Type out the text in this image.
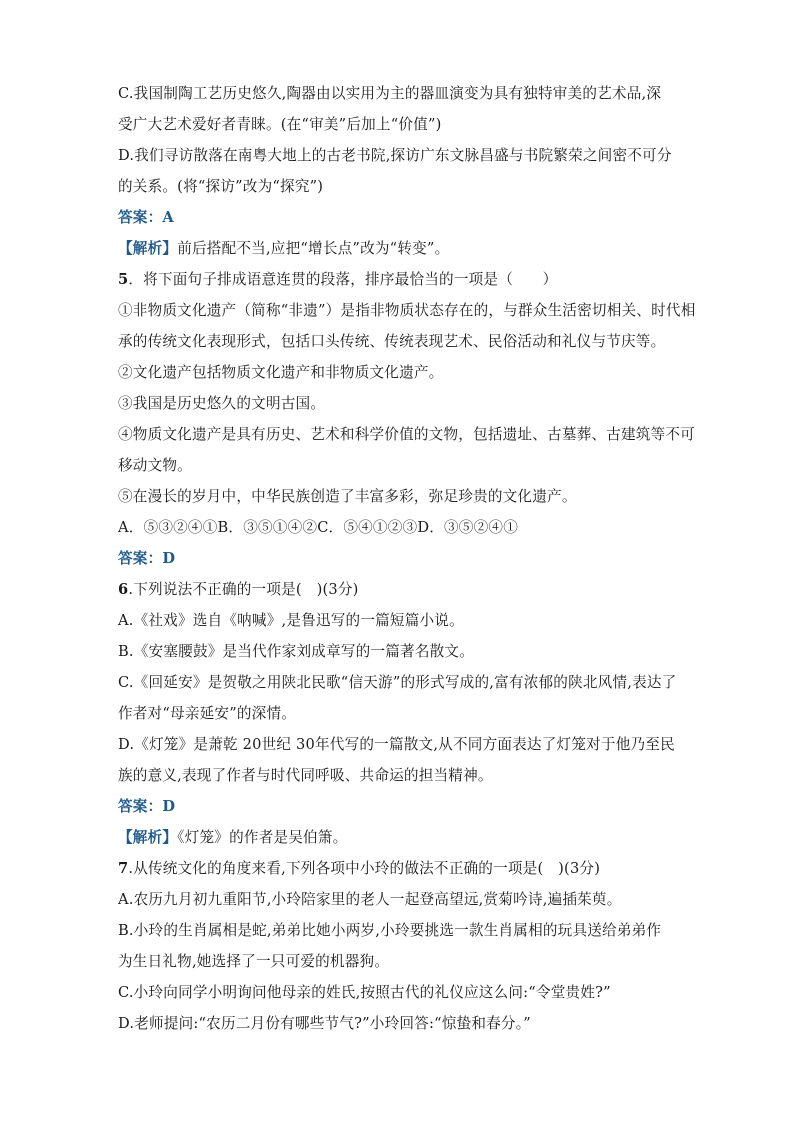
C.我国制陶工艺历史悠久,陶器由以实用为主的器皿演变为具有独特审美的艺术品,深
受广大艺术爱好者青睐。(在“审美”后加上“价值”)
D.我们寻访散落在南粤大地上的古老书院,探访广东文脉昌盛与书院繁荣之间密不可分
的关系。(将“探访”改为“探究”)
答案：A
【解析】前后搭配不当,应把“增长点”改为“转变”。
5．将下面句子排成语意连贯的段落，排序最恰当的一项是（　　）
①非物质文化遗产（简称“非遗”）是指非物质状态存在的，与群众生活密切相关、时代相
承的传统文化表现形式，包括口头传统、传统表现艺术、民俗活动和礼仪与节庆等。
②文化遗产包括物质文化遗产和非物质文化遗产。
③我国是历史悠久的文明古国。
④物质文化遗产是具有历史、艺术和科学价值的文物，包括遗址、古墓葬、古建筑等不可
移动文物。
⑤在漫长的岁月中，中华民族创造了丰富多彩，弥足珍贵的文化遗产。
A．⑤③②④①B．③⑤①④②C．⑤④①②③D．③⑤②④①
答案：D
6.下列说法不正确的一项是(　)(3分)
A.《社戏》选自《呐喊》,是鲁迅写的一篇短篇小说。
B.《安塞腰鼓》是当代作家刘成章写的一篇著名散文。
C.《回延安》是贺敬之用陕北民歌“信天游”的形式写成的,富有浓郁的陕北风情,表达了
作者对“母亲延安”的深情。
D.《灯笼》是萧乾 20世纪 30年代写的一篇散文,从不同方面表达了灯笼对于他乃至民
族的意义,表现了作者与时代同呼吸、共命运的担当精神。
答案：D
【解析】《灯笼》的作者是吴伯箫。
7.从传统文化的角度来看,下列各项中小玲的做法不正确的一项是(　)(3分)
A.农历九月初九重阳节,小玲陪家里的老人一起登高望远,赏菊吟诗,遍插茱萸。
B.小玲的生肖属相是蛇,弟弟比她小两岁,小玲要挑选一款生肖属相的玩具送给弟弟作
为生日礼物,她选择了一只可爱的机器狗。
C.小玲向同学小明询问他母亲的姓氏,按照古代的礼仪应这么问:“令堂贵姓?”
D.老师提问:“农历二月份有哪些节气?”小玲回答:“惊蛰和春分。”
